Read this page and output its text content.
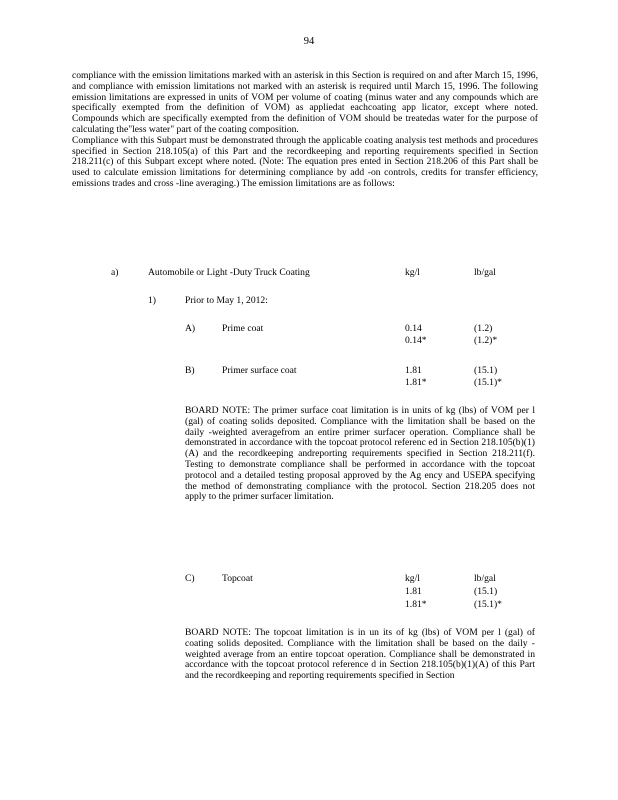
94

compliance with the emission limitations marked with an asterisk in this Section is required on and after March 15, 1996, and compliance with emission limitations not marked with an asterisk is required until March 15, 1996. The following emission limitations are expressed in units of VOM per volume of coating (minus water and any compounds which are specifically exempted from the definition of VOM) as appliedat eachcoating app licator, except where noted. Compounds which are specifically exempted from the definition of VOM should be treatedas water for the purpose of calculating the"less water" part of the coating composition.

Compliance with this Subpart must be demonstrated through the applicable coating analysis test methods and procedures specified in Section 218.105(a) of this Part and the recordkeeping and reporting requirements specified in Section 218.211(c) of this Subpart except where noted. (Note: The equation pres ented in Section 218.206 of this Part shall be used to calculate emission limitations for determining compliance by add -on controls, credits for transfer efficiency, emissions trades and cross -line averaging.) The emission limitations are as follows:

a)	Automobile or Light -Duty Truck Coating	kg/l	lb/gal
1)	Prior to May 1, 2012:
A)	Prime coat	0.14	(1.2)
0.14*	(1.2)*
B)	Primer surface coat	1.81	(15.1)
1.81*	(15.1)*
BOARD NOTE: The primer surface coat limitation is in units of kg (lbs) of VOM per l (gal) of coating solids deposited. Compliance with the limitation shall be based on the daily -weighted averagefrom an entire primer surfacer operation. Compliance shall be demonstrated in accordance with the topcoat protocol referenc ed in Section 218.105(b)(1)(A) and the recordkeeping andreporting requirements specified in Section 218.211(f). Testing to demonstrate compliance shall be performed in accordance with the topcoat protocol and a detailed testing proposal approved by the Ag ency and USEPA specifying the method of demonstrating compliance with the protocol. Section 218.205 does not apply to the primer surfacer limitation.
C)	Topcoat	kg/l	lb/gal
1.81	(15.1)
1.81*	(15.1)*
BOARD NOTE: The topcoat limitation is in un its of kg (lbs) of VOM per l (gal) of coating solids deposited. Compliance with the limitation shall be based on the daily -weighted average from an entire topcoat operation. Compliance shall be demonstrated in accordance with the topcoat protocol reference d in Section 218.105(b)(1)(A) of this Part and the recordkeeping and reporting requirements specified in Section
